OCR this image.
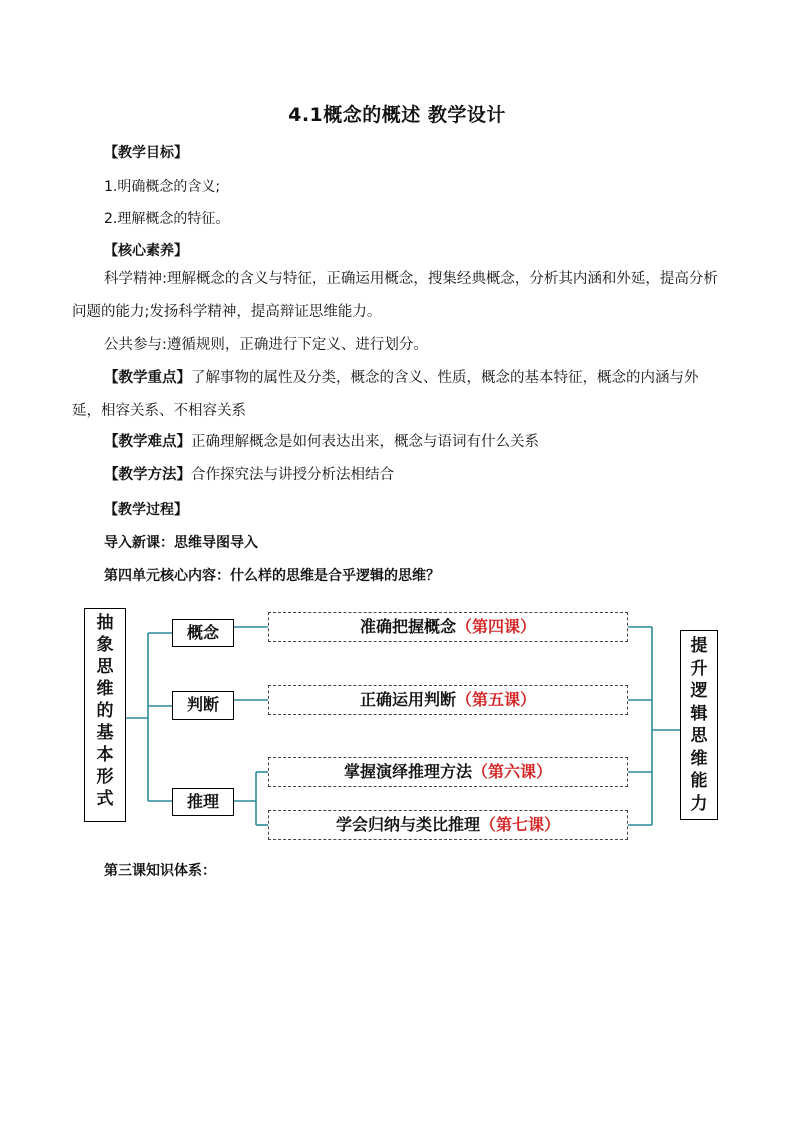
4.1概念的概述 教学设计
【教学目标】
1.明确概念的含义;
2.理解概念的特征。
【核心素养】
科学精神:理解概念的含义与特征，正确运用概念，搜集经典概念，分析其内涵和外延，提高分析问题的能力;发扬科学精神，提高辩证思维能力。
公共参与:遵循规则，正确进行下定义、进行划分。
【教学重点】了解事物的属性及分类，概念的含义、性质，概念的基本特征，概念的内涵与外延，相容关系、不相容关系
【教学难点】正确理解概念是如何表达出来，概念与语词有什么关系
【教学方法】合作探究法与讲授分析法相结合
【教学过程】
导入新课：思维导图导入
第四单元核心内容：什么样的思维是合乎逻辑的思维？
抽象思维的基本形式
提升逻辑思维能力
概念
判断
推理
准确把握概念（第四课）
正确运用判断（第五课）
掌握演绎推理方法（第六课）
学会归纳与类比推理（第七课）
第三课知识体系：
